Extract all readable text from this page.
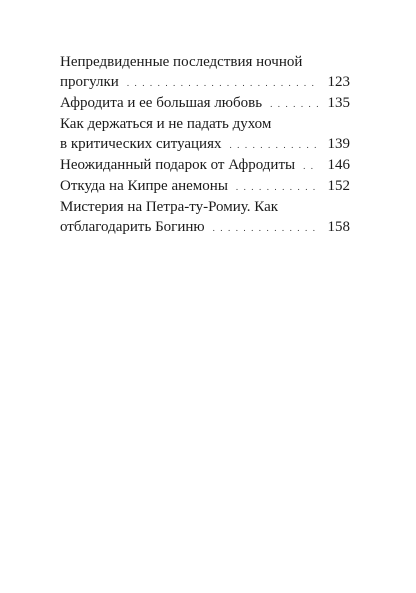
Непредвиденные последствия ночной
прогулки . . .	123
Афродита и ее большая любовь . . .	135
Как держаться и не падать духом
в критических ситуациях . . .	139
Неожиданный подарок от Афродиты . . . 146
Откуда на Кипре анемоны . . .	152
Мистерия на Петра-ту-Ромиу. Как
отблагодарить Богиню . . .	158
